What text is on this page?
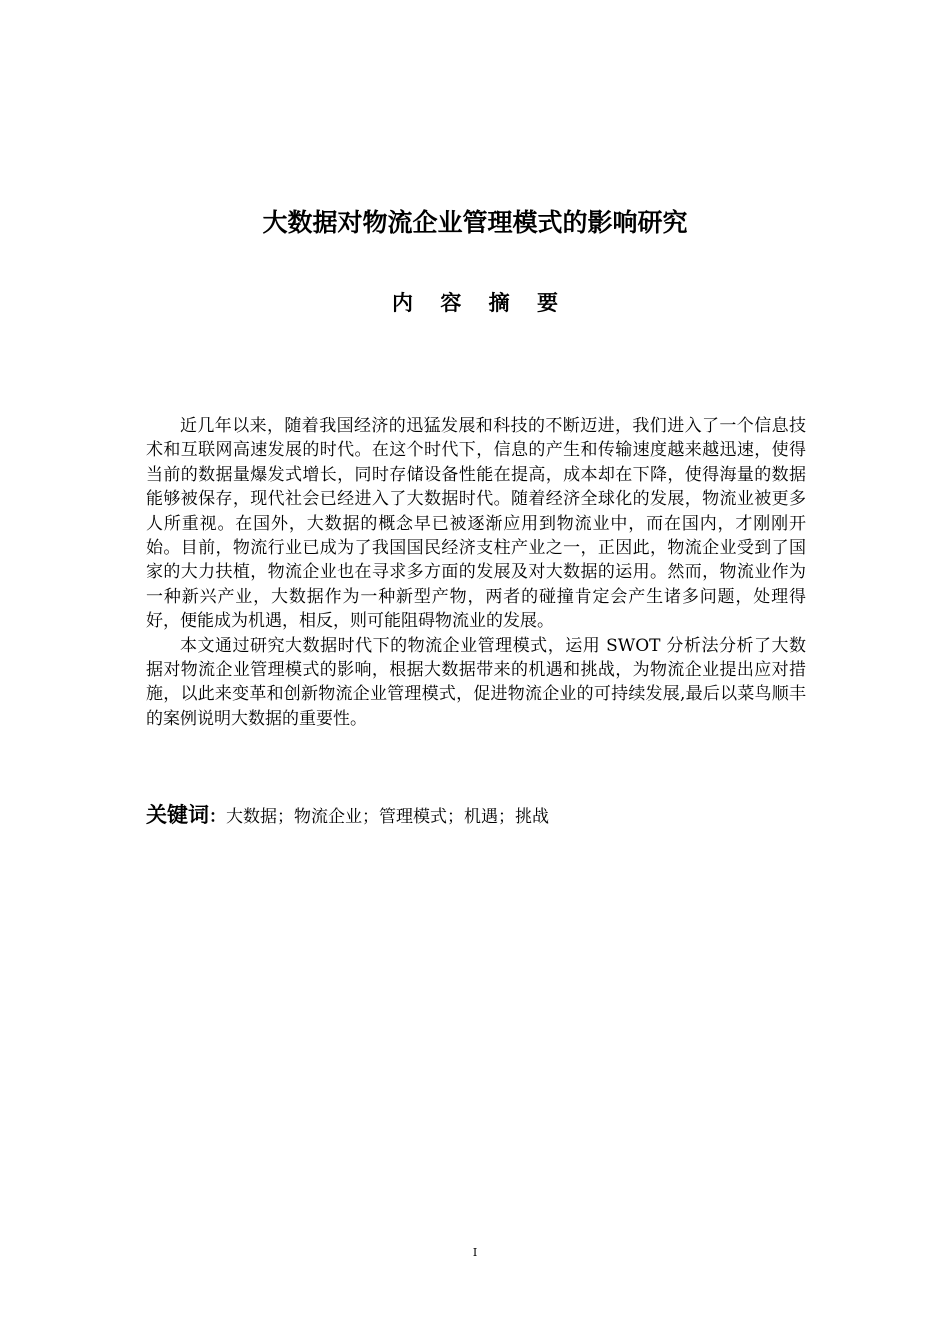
大数据对物流企业管理模式的影响研究
内 容 摘 要

近几年以来，随着我国经济的迅猛发展和科技的不断迈进，我们进入了一个信息技术和互联网高速发展的时代。在这个时代下，信息的产生和传输速度越来越迅速，使得当前的数据量爆发式增长，同时存储设备性能在提高，成本却在下降，使得海量的数据能够被保存，现代社会已经进入了大数据时代。随着经济全球化的发展，物流业被更多人所重视。在国外，大数据的概念早已被逐渐应用到物流业中，而在国内，才刚刚开始。目前，物流行业已成为了我国国民经济支柱产业之一，正因此，物流企业受到了国家的大力扶植，物流企业也在寻求多方面的发展及对大数据的运用。然而，物流业作为一种新兴产业，大数据作为一种新型产物，两者的碰撞肯定会产生诸多问题，处理得好，便能成为机遇，相反，则可能阻碍物流业的发展。

本文通过研究大数据时代下的物流企业管理模式，运用 SWOT 分析法分析了大数据对物流企业管理模式的影响，根据大数据带来的机遇和挑战，为物流企业提出应对措施，以此来变革和创新物流企业管理模式，促进物流企业的可持续发展,最后以菜鸟顺丰的案例说明大数据的重要性。

关键词：大数据；物流企业；管理模式；机遇；挑战
I
